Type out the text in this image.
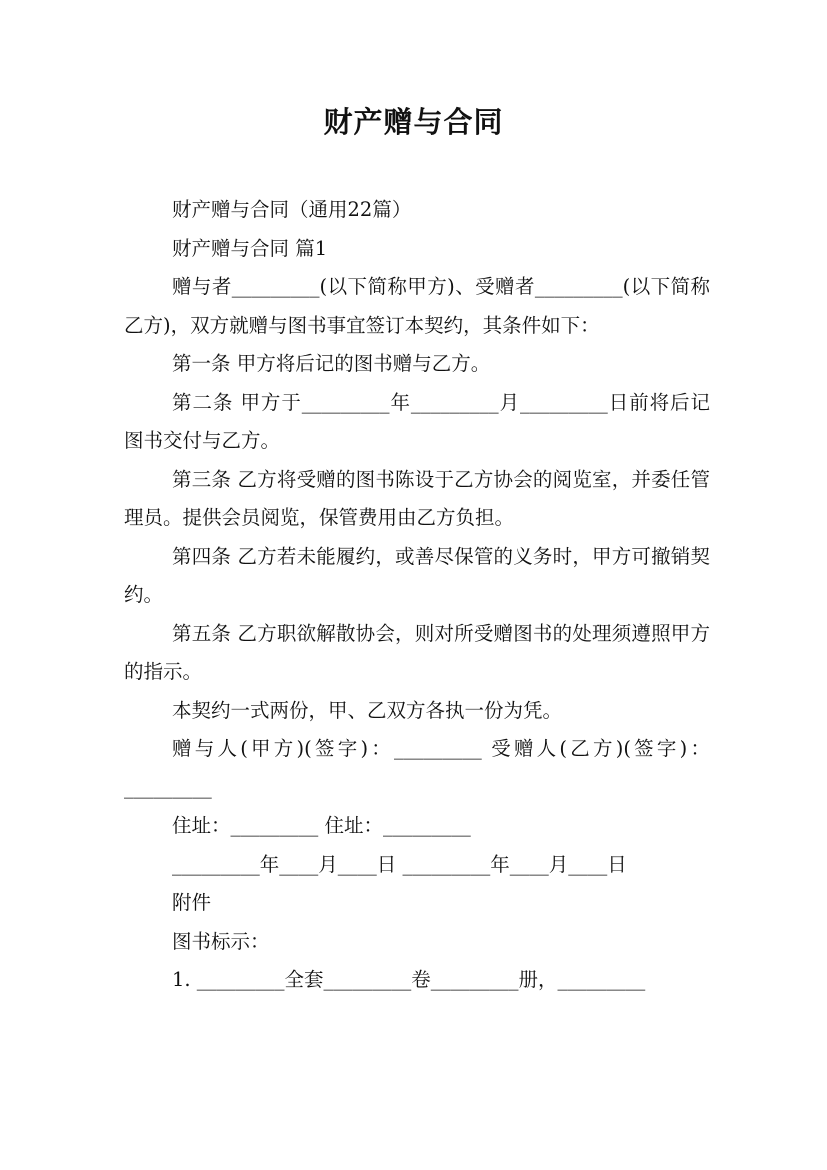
财产赠与合同

财产赠与合同（通用22篇）

财产赠与合同 篇1

赠与者_________(以下简称甲方)、受赠者_________(以下简称乙方)，双方就赠与图书事宜签订本契约，其条件如下：

第一条 甲方将后记的图书赠与乙方。

第二条 甲方于_________年_________月_________日前将后记图书交付与乙方。

第三条 乙方将受赠的图书陈设于乙方协会的阅览室，并委任管理员。提供会员阅览，保管费用由乙方负担。

第四条 乙方若未能履约，或善尽保管的义务时，甲方可撤销契约。

第五条 乙方职欲解散协会，则对所受赠图书的处理须遵照甲方的指示。

本契约一式两份，甲、乙双方各执一份为凭。

赠与人(甲方)(签字)：_________ 受赠人(乙方)(签字)：_________

住址：_________ 住址：_________

_________年____月____日 _________年____月____日

附件

图书标示：

1. _________全套_________卷_________册，_________
